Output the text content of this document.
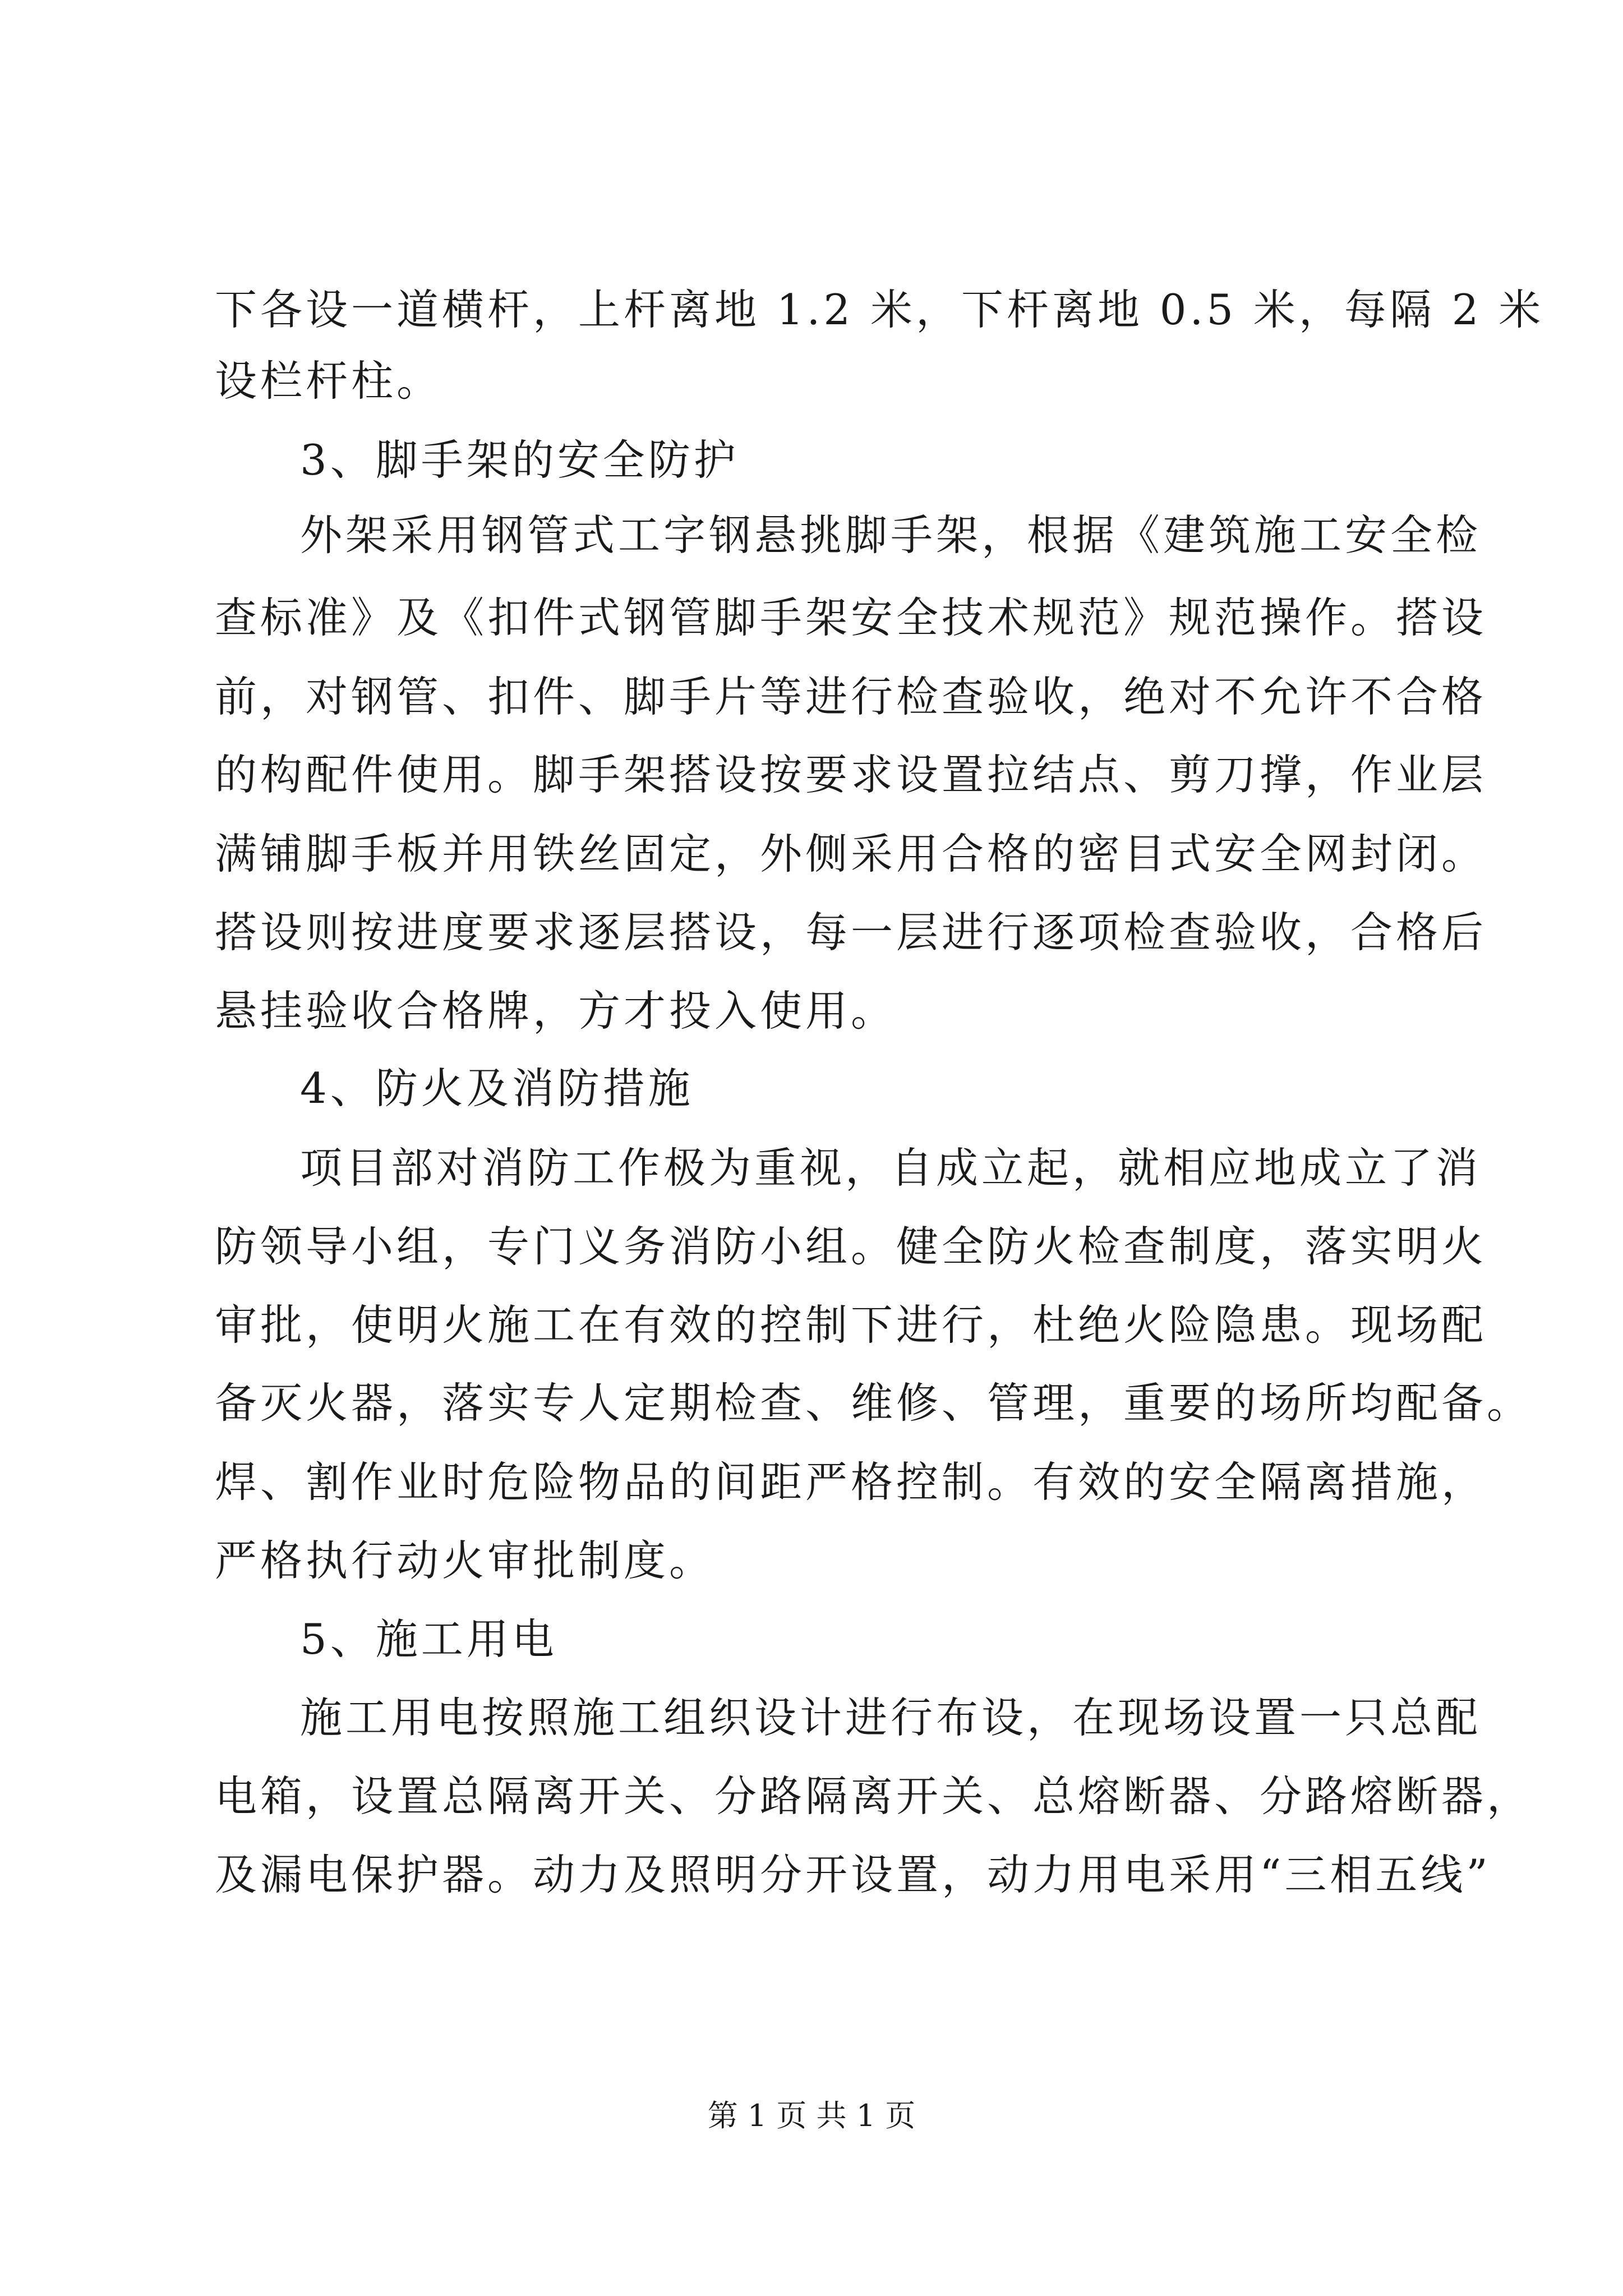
下各设一道横杆，上杆离地 1.2 米，下杆离地 0.5 米，每隔 2 米
设栏杆柱。
3、脚手架的安全防护
外架采用钢管式工字钢悬挑脚手架，根据《建筑施工安全检
查标准》及《扣件式钢管脚手架安全技术规范》规范操作。搭设
前，对钢管、扣件、脚手片等进行检查验收，绝对不允许不合格
的构配件使用。脚手架搭设按要求设置拉结点、剪刀撑，作业层
满铺脚手板并用铁丝固定，外侧采用合格的密目式安全网封闭。
搭设则按进度要求逐层搭设，每一层进行逐项检查验收，合格后
悬挂验收合格牌，方才投入使用。
4、防火及消防措施
项目部对消防工作极为重视，自成立起，就相应地成立了消
防领导小组，专门义务消防小组。健全防火检查制度，落实明火
审批，使明火施工在有效的控制下进行，杜绝火险隐患。现场配
备灭火器，落实专人定期检查、维修、管理，重要的场所均配备。
焊、割作业时危险物品的间距严格控制。有效的安全隔离措施，
严格执行动火审批制度。
5、施工用电
施工用电按照施工组织设计进行布设，在现场设置一只总配
电箱，设置总隔离开关、分路隔离开关、总熔断器、分路熔断器，
及漏电保护器。动力及照明分开设置，动力用电采用“三相五线”
第 1 页 共 1 页
